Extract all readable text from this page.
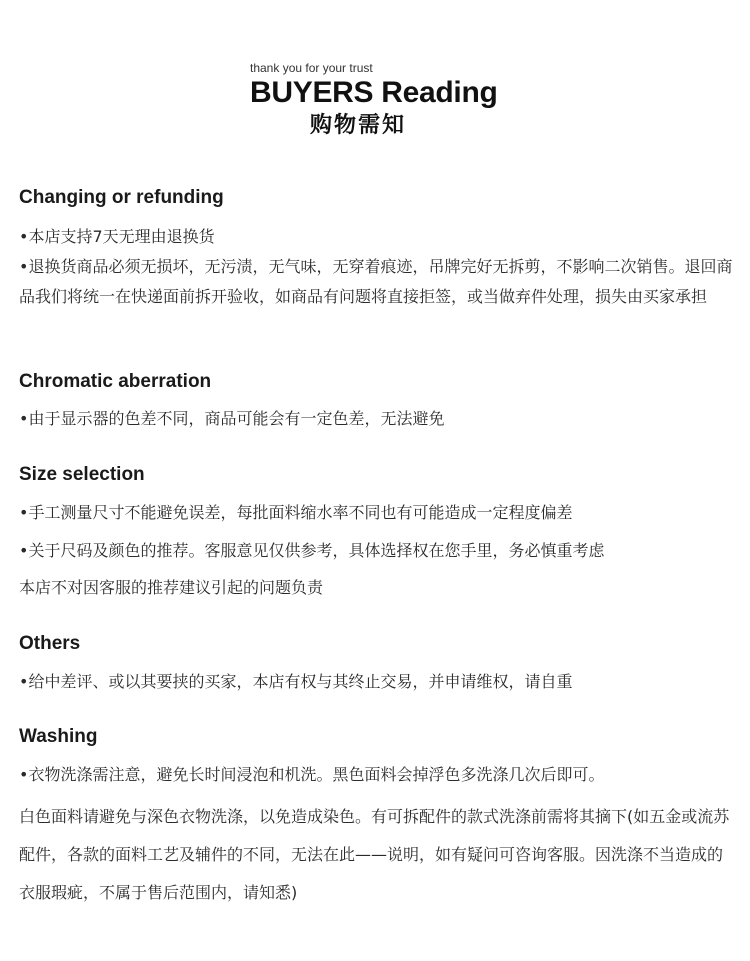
thank you for your trust

BUYERS Reading

购物需知

Changing or refunding

•本店支持7天无理由退换货

•退换货商品必须无损坏，无污渍，无气味，无穿着痕迹，吊牌完好无拆剪，不影响二次销售。退回商品我们将统一在快递面前拆开验收，如商品有问题将直接拒签，或当做弃件处理，损失由买家承担

Chromatic aberration

•由于显示器的色差不同，商品可能会有一定色差，无法避免

Size selection

•手工测量尺寸不能避免误差，每批面料缩水率不同也有可能造成一定程度偏差

•关于尺码及颜色的推荐。客服意见仅供参考，具体选择权在您手里，务必慎重考虑

本店不对因客服的推荐建议引起的问题负责

Others

•给中差评、或以其要挟的买家，本店有权与其终止交易，并申请维权，请自重

Washing

•衣物洗涤需注意，避免长时间浸泡和机洗。黑色面料会掉浮色多洗涤几次后即可。

白色面料请避免与深色衣物洗涤，以免造成染色。有可拆配件的款式洗涤前需将其摘下(如五金或流苏配件，各款的面料工艺及辅件的不同，无法在此——说明，如有疑问可咨询客服。因洗涤不当造成的衣服瑕疵，不属于售后范围内，请知悉)
